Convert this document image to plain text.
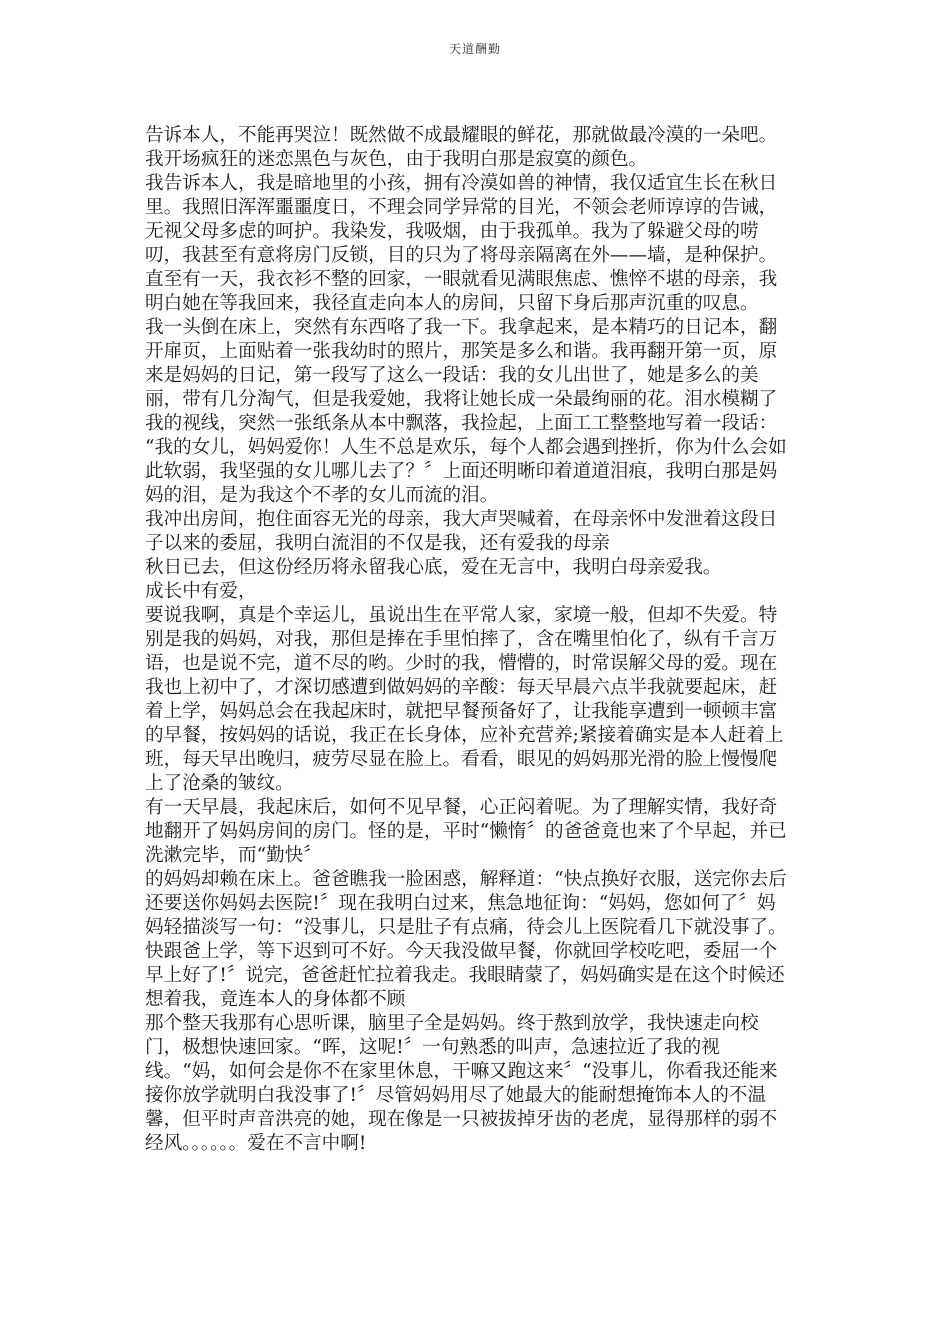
天道酬勤
告诉本人，不能再哭泣！既然做不成最耀眼的鲜花，那就做最冷漠的一朵吧。
我开场疯狂的迷恋黑色与灰色，由于我明白那是寂寞的颜色。
我告诉本人，我是暗地里的小孩，拥有冷漠如兽的神情，我仅适宜生长在秋日
里。我照旧浑浑噩噩度日，不理会同学异常的目光，不领会老师谆谆的告诫，
无视父母多虑的呵护。我染发，我吸烟，由于我孤单。我为了躲避父母的唠
叨，我甚至有意将房门反锁，目的只为了将母亲隔离在外——墙，是种保护。
直至有一天，我衣衫不整的回家，一眼就看见满眼焦虑、憔悴不堪的母亲，我
明白她在等我回来，我径直走向本人的房间，只留下身后那声沉重的叹息。
我一头倒在床上，突然有东西咯了我一下。我拿起来，是本精巧的日记本，翻
开扉页，上面贴着一张我幼时的照片，那笑是多么和谐。我再翻开第一页，原
来是妈妈的日记，第一段写了这么一段话：我的女儿出世了，她是多么的美
丽，带有几分淘气，但是我爱她，我将让她长成一朵最绚丽的花。泪水模糊了
我的视线，突然一张纸条从本中飘落，我捡起，上面工工整整地写着一段话：
“我的女儿，妈妈爱你！人生不总是欢乐，每个人都会遇到挫折，你为什么会如
此软弱，我坚强的女儿哪儿去了？〞上面还明晰印着道道泪痕，我明白那是妈
妈的泪，是为我这个不孝的女儿而流的泪。
我冲出房间，抱住面容无光的母亲，我大声哭喊着，在母亲怀中发泄着这段日
子以来的委屈，我明白流泪的不仅是我，还有爱我的母亲
秋日已去，但这份经历将永留我心底，爱在无言中，我明白母亲爱我。
成长中有爱，
要说我啊，真是个幸运儿，虽说出生在平常人家，家境一般，但却不失爱。特
别是我的妈妈，对我，那但是捧在手里怕摔了，含在嘴里怕化了，纵有千言万
语，也是说不完，道不尽的哟。少时的我，懵懵的，时常误解父母的爱。现在
我也上初中了，才深切感遭到做妈妈的辛酸：每天早晨六点半我就要起床，赶
着上学，妈妈总会在我起床时，就把早餐预备好了，让我能享遭到一顿顿丰富
的早餐，按妈妈的话说，我正在长身体，应补充营养;紧接着确实是本人赶着上
班，每天早出晚归，疲劳尽显在脸上。看看，眼见的妈妈那光滑的脸上慢慢爬
上了沧桑的皱纹。
有一天早晨，我起床后，如何不见早餐，心正闷着呢。为了理解实情，我好奇
地翻开了妈妈房间的房门。怪的是，平时“懒惰〞的爸爸竟也来了个早起，并已
洗漱完毕，而“勤快〞
的妈妈却赖在床上。爸爸瞧我一脸困惑，解释道：“快点换好衣服，送完你去后
还要送你妈妈去医院!〞现在我明白过来，焦急地征询：“妈妈，您如何了〞妈
妈轻描淡写一句：“没事儿，只是肚子有点痛，待会儿上医院看几下就没事了。
快跟爸上学，等下迟到可不好。今天我没做早餐，你就回学校吃吧，委屈一个
早上好了!〞说完，爸爸赶忙拉着我走。我眼睛蒙了，妈妈确实是在这个时候还
想着我，竟连本人的身体都不顾
那个整天我那有心思听课，脑里子全是妈妈。终于熬到放学，我快速走向校
门，极想快速回家。“晖，这呢!〞一句熟悉的叫声，急速拉近了我的视
线。“妈，如何会是你不在家里休息，干嘛又跑这来〞“没事儿，你看我还能来
接你放学就明白我没事了!〞尽管妈妈用尽了她最大的能耐想掩饰本人的不温
馨，但平时声音洪亮的她，现在像是一只被拔掉牙齿的老虎，显得那样的弱不
经风。。。。。。爱在不言中啊!
